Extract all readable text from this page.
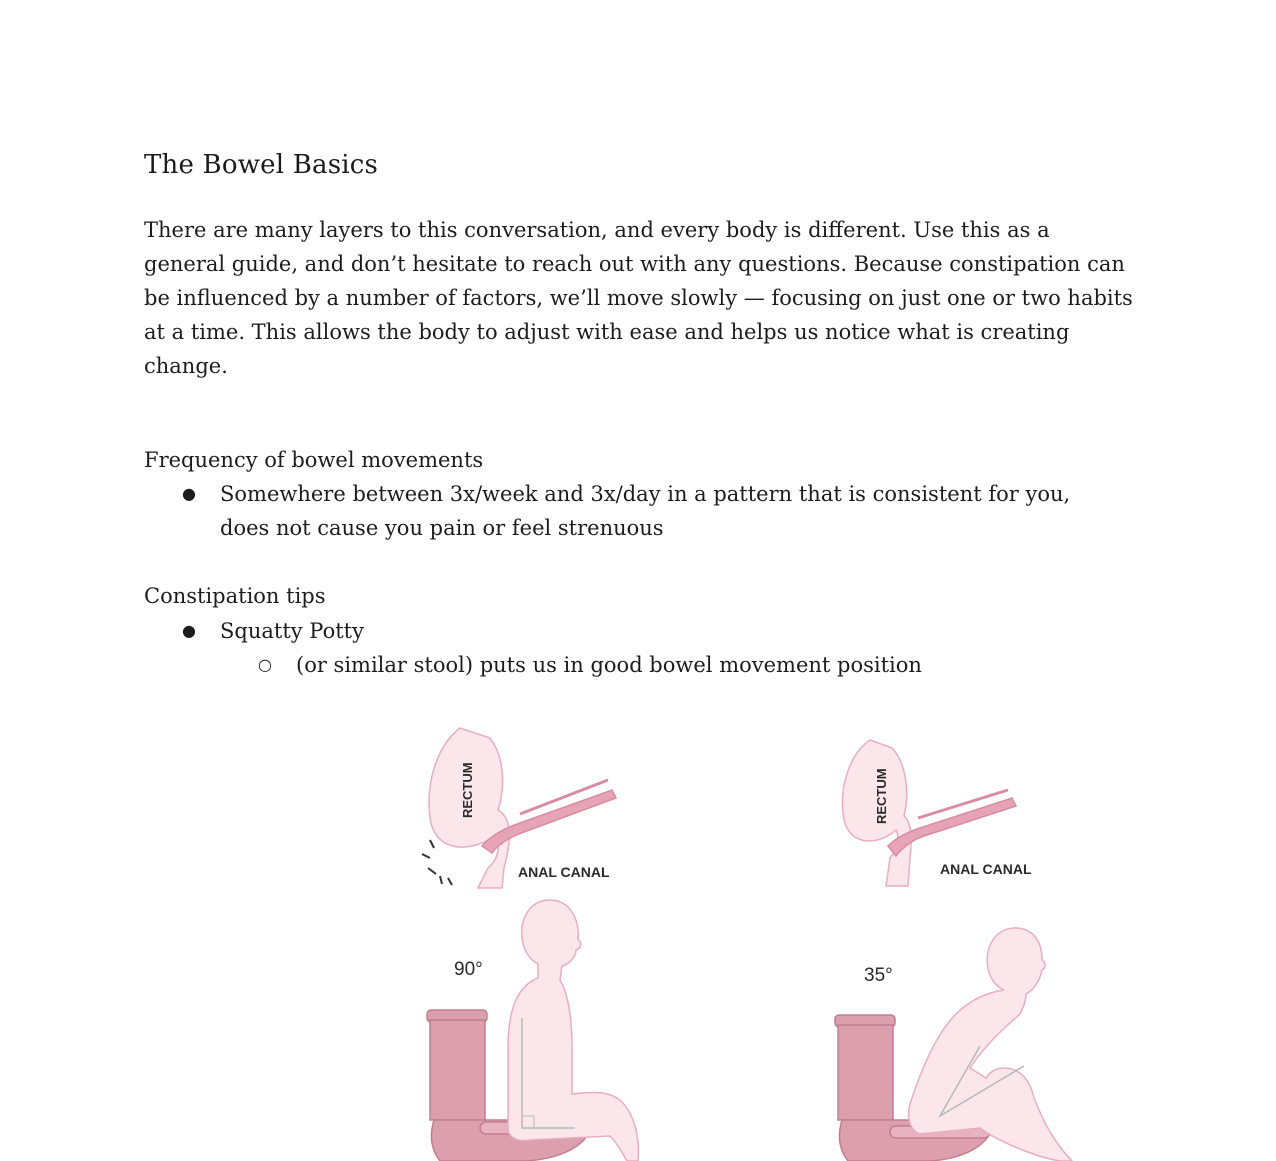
The Bowel Basics

There are many layers to this conversation, and every body is different. Use this as a general guide, and don’t hesitate to reach out with any questions. Because constipation can be influenced by a number of factors, we’ll move slowly — focusing on just one or two habits at a time. This allows the body to adjust with ease and helps us notice what is creating change.

Frequency of bowel movements

● Somewhere between 3x/week and 3x/day in a pattern that is consistent for you, does not cause you pain or feel strenuous

Constipation tips

● Squatty Potty
○ (or similar stool) puts us in good bowel movement position
RECTUM
ANAL CANAL
90°
RECTUM
ANAL CANAL
35°
